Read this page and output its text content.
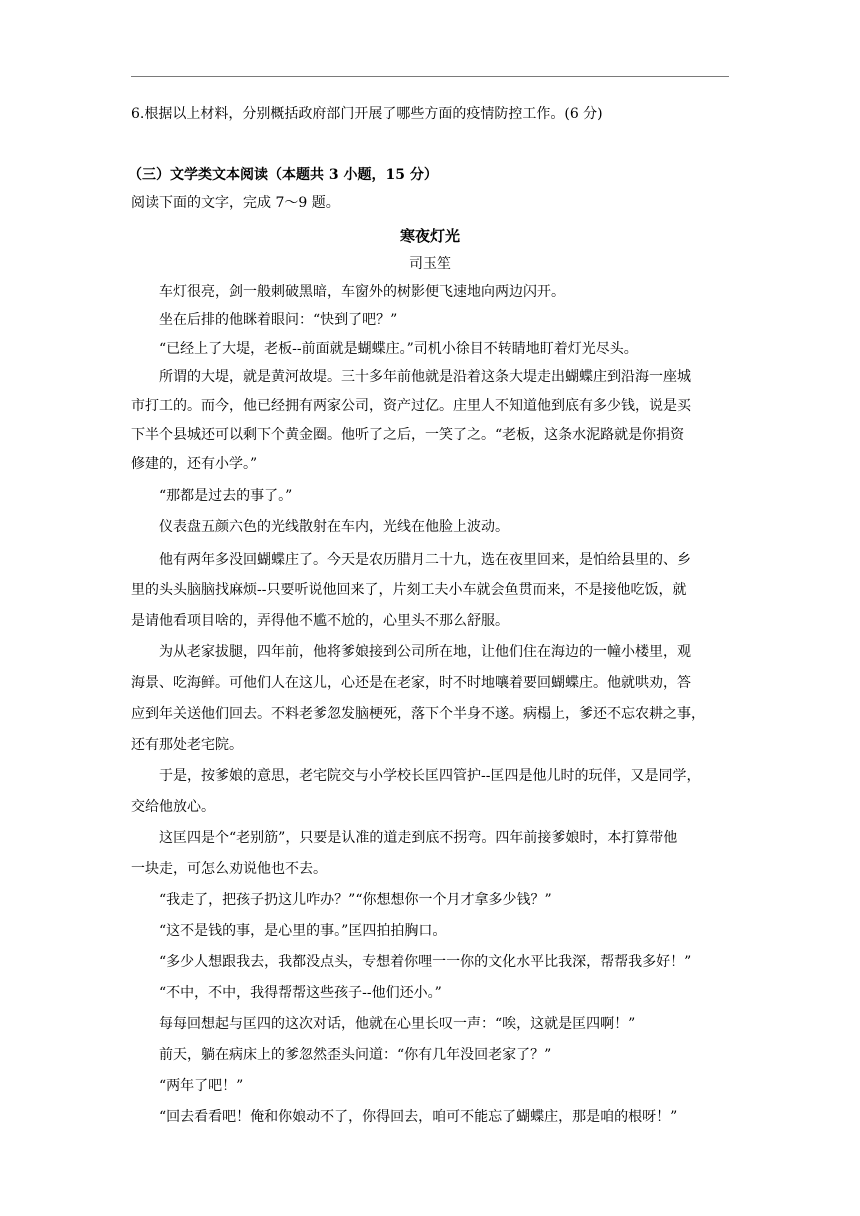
6.根据以上材料，分别概括政府部门开展了哪些方面的疫情防控工作。(6 分)
（三）文学类文本阅读（本题共 3 小题，15 分）
阅读下面的文字，完成 7～9 题。
寒夜灯光
司玉笙
车灯很亮，剑一般刺破黑暗，车窗外的树影便飞速地向两边闪开。
坐在后排的他眯着眼问：“快到了吧？”
“已经上了大堤，老板--前面就是蝴蝶庄。”司机小徐目不转睛地盯着灯光尽头。
所谓的大堤，就是黄河故堤。三十多年前他就是沿着这条大堤走出蝴蝶庄到沿海一座城
市打工的。而今，他已经拥有两家公司，资产过亿。庄里人不知道他到底有多少钱，说是买
下半个县城还可以剩下个黄金圈。他听了之后，一笑了之。“老板，这条水泥路就是你捐资
修建的，还有小学。”
“那都是过去的事了。”
仪表盘五颜六色的光线散射在车内，光线在他脸上波动。
他有两年多没回蝴蝶庄了。今天是农历腊月二十九，选在夜里回来，是怕给县里的、乡
里的头头脑脑找麻烦--只要听说他回来了，片刻工夫小车就会鱼贯而来，不是接他吃饭，就
是请他看项目啥的，弄得他不尴不尬的，心里头不那么舒服。
为从老家拔腿，四年前，他将爹娘接到公司所在地，让他们住在海边的一幢小楼里，观
海景、吃海鲜。可他们人在这儿，心还是在老家，时不时地嚷着要回蝴蝶庄。他就哄劝，答
应到年关送他们回去。不料老爹忽发脑梗死，落下个半身不遂。病榻上，爹还不忘农耕之事，
还有那处老宅院。
于是，按爹娘的意思，老宅院交与小学校长匡四管护--匡四是他儿时的玩伴，又是同学，
交给他放心。
这匡四是个“老别筋”，只要是认准的道走到底不拐弯。四年前接爹娘时，本打算带他
一块走，可怎么劝说他也不去。
“我走了，把孩子扔这儿咋办？”“你想想你一个月才拿多少钱？”
“这不是钱的事，是心里的事。”匡四拍拍胸口。
“多少人想跟我去，我都没点头，专想着你哩一一你的文化水平比我深，帮帮我多好！”
“不中，不中，我得帮帮这些孩子--他们还小。”
每每回想起与匡四的这次对话，他就在心里长叹一声：“唉，这就是匡四啊！”
前天，躺在病床上的爹忽然歪头问道：“你有几年没回老家了？”
“两年了吧！”
“回去看看吧！俺和你娘动不了，你得回去，咱可不能忘了蝴蝶庄，那是咱的根呀！”
